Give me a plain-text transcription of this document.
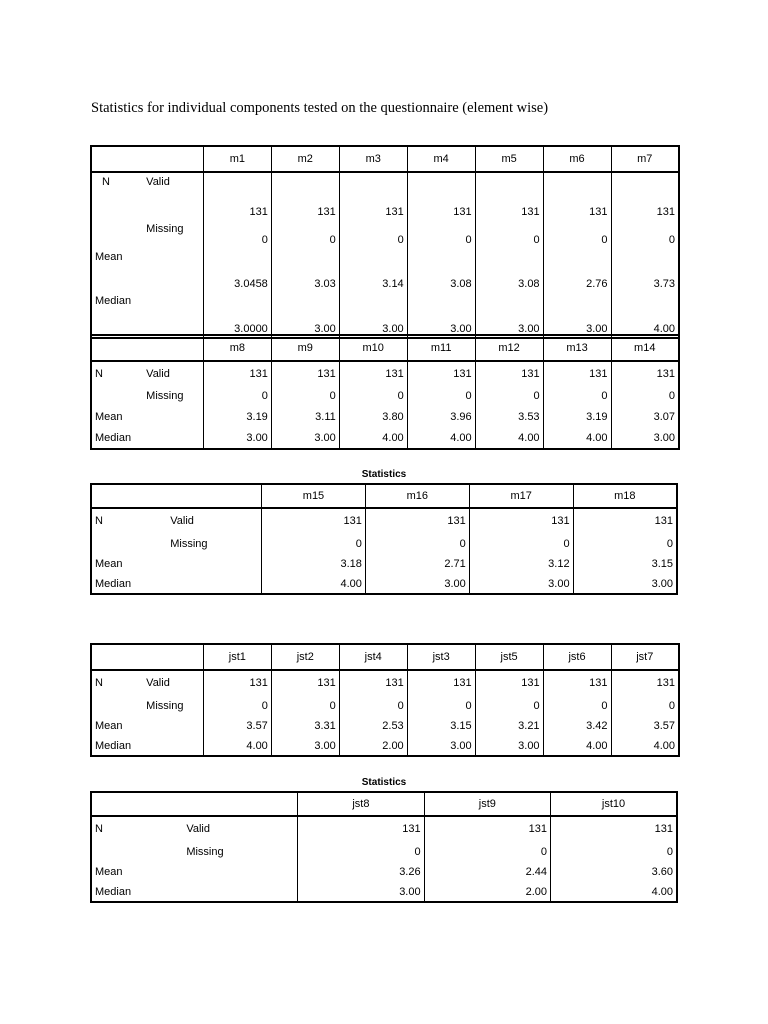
Statistics for individual components tested on the questionnaire (element wise)
Statistics
Statistics
		m1	m2	m3	m4	m5	m6	m7
N	Valid	131	131	131	131	131	131	131
	Missing	0	0	0	0	0	0	0
Mean		3.0458	3.03	3.14	3.08	3.08	2.76	3.73
Median		3.0000	3.00	3.00	3.00	3.00	3.00	4.00
		m8	m9	m10	m11	m12	m13	m14
N	Valid	131	131	131	131	131	131	131
	Missing	0	0	0	0	0	0	0
Mean		3.19	3.11	3.80	3.96	3.53	3.19	3.07
Median		3.00	3.00	4.00	4.00	4.00	4.00	3.00
		m15	m16	m17	m18
N	Valid	131	131	131	131
	Missing	0	0	0	0
Mean		3.18	2.71	3.12	3.15
Median		4.00	3.00	3.00	3.00
		jst1	jst2	jst4	jst3	jst5	jst6	jst7
N	Valid	131	131	131	131	131	131	131
	Missing	0	0	0	0	0	0	0
Mean		3.57	3.31	2.53	3.15	3.21	3.42	3.57
Median		4.00	3.00	2.00	3.00	3.00	4.00	4.00
		jst8	jst9	jst10
N	Valid	131	131	131
	Missing	0	0	0
Mean		3.26	2.44	3.60
Median		3.00	2.00	4.00
